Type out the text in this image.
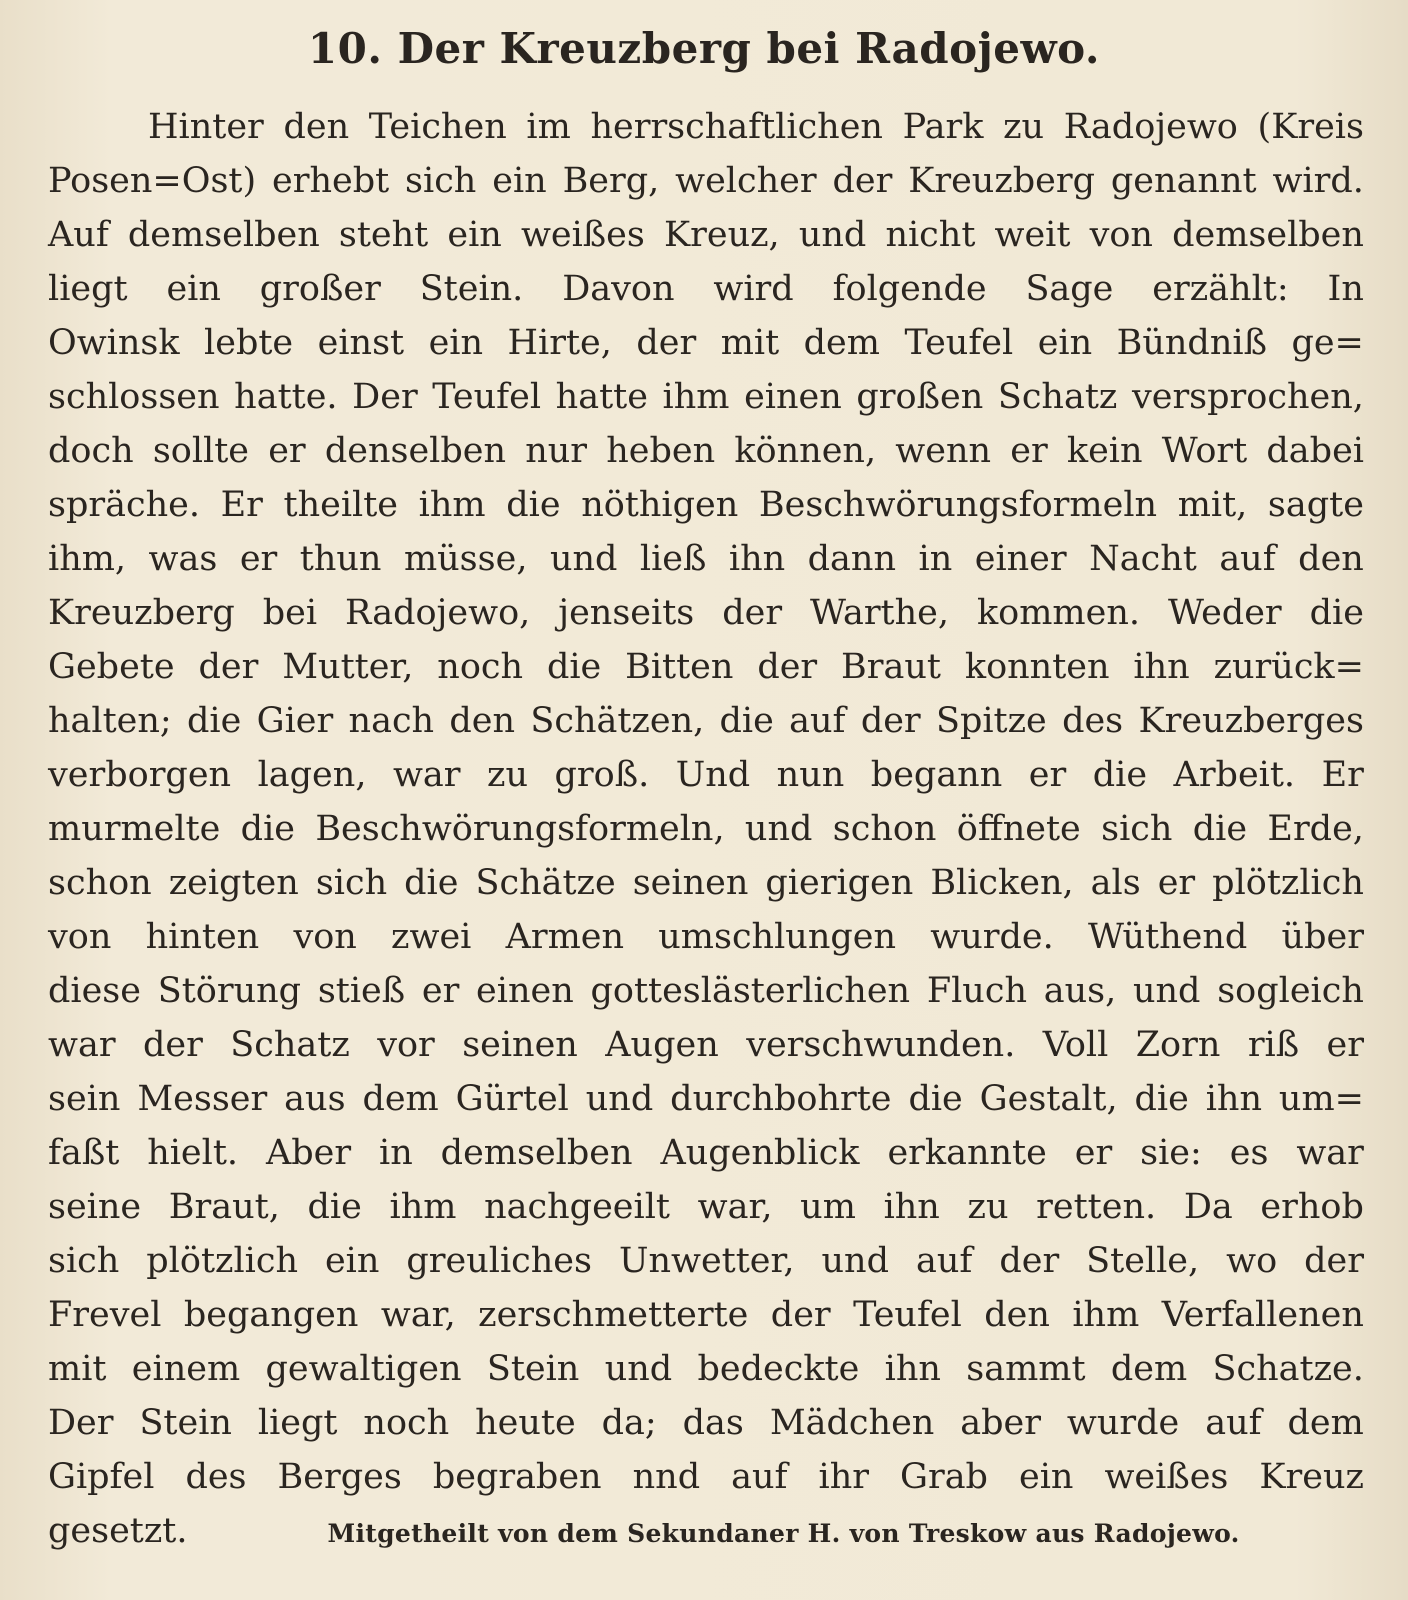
10. Der Kreuzberg bei Radojewo.
Hinter den Teichen im herrschaftlichen Park zu Radojewo (Kreis
Posen=Ost) erhebt sich ein Berg, welcher der Kreuzberg genannt wird.
Auf demselben steht ein weißes Kreuz, und nicht weit von demselben
liegt ein großer Stein. Davon wird folgende Sage erzählt: In
Owinsk lebte einst ein Hirte, der mit dem Teufel ein Bündniß ge=
schlossen hatte. Der Teufel hatte ihm einen großen Schatz versprochen,
doch sollte er denselben nur heben können, wenn er kein Wort dabei
spräche. Er theilte ihm die nöthigen Beschwörungsformeln mit, sagte
ihm, was er thun müsse, und ließ ihn dann in einer Nacht auf den
Kreuzberg bei Radojewo, jenseits der Warthe, kommen. Weder die
Gebete der Mutter, noch die Bitten der Braut konnten ihn zurück=
halten; die Gier nach den Schätzen, die auf der Spitze des Kreuzberges
verborgen lagen, war zu groß. Und nun begann er die Arbeit. Er
murmelte die Beschwörungsformeln, und schon öffnete sich die Erde,
schon zeigten sich die Schätze seinen gierigen Blicken, als er plötzlich
von hinten von zwei Armen umschlungen wurde. Wüthend über
diese Störung stieß er einen gotteslästerlichen Fluch aus, und sogleich
war der Schatz vor seinen Augen verschwunden. Voll Zorn riß er
sein Messer aus dem Gürtel und durchbohrte die Gestalt, die ihn um=
faßt hielt. Aber in demselben Augenblick erkannte er sie: es war
seine Braut, die ihm nachgeeilt war, um ihn zu retten. Da erhob
sich plötzlich ein greuliches Unwetter, und auf der Stelle, wo der
Frevel begangen war, zerschmetterte der Teufel den ihm Verfallenen
mit einem gewaltigen Stein und bedeckte ihn sammt dem Schatze.
Der Stein liegt noch heute da; das Mädchen aber wurde auf dem
Gipfel des Berges begraben nnd auf ihr Grab ein weißes Kreuz
gesetzt.	Mitgetheilt von dem Sekundaner H. von Treskow aus Radojewo.
